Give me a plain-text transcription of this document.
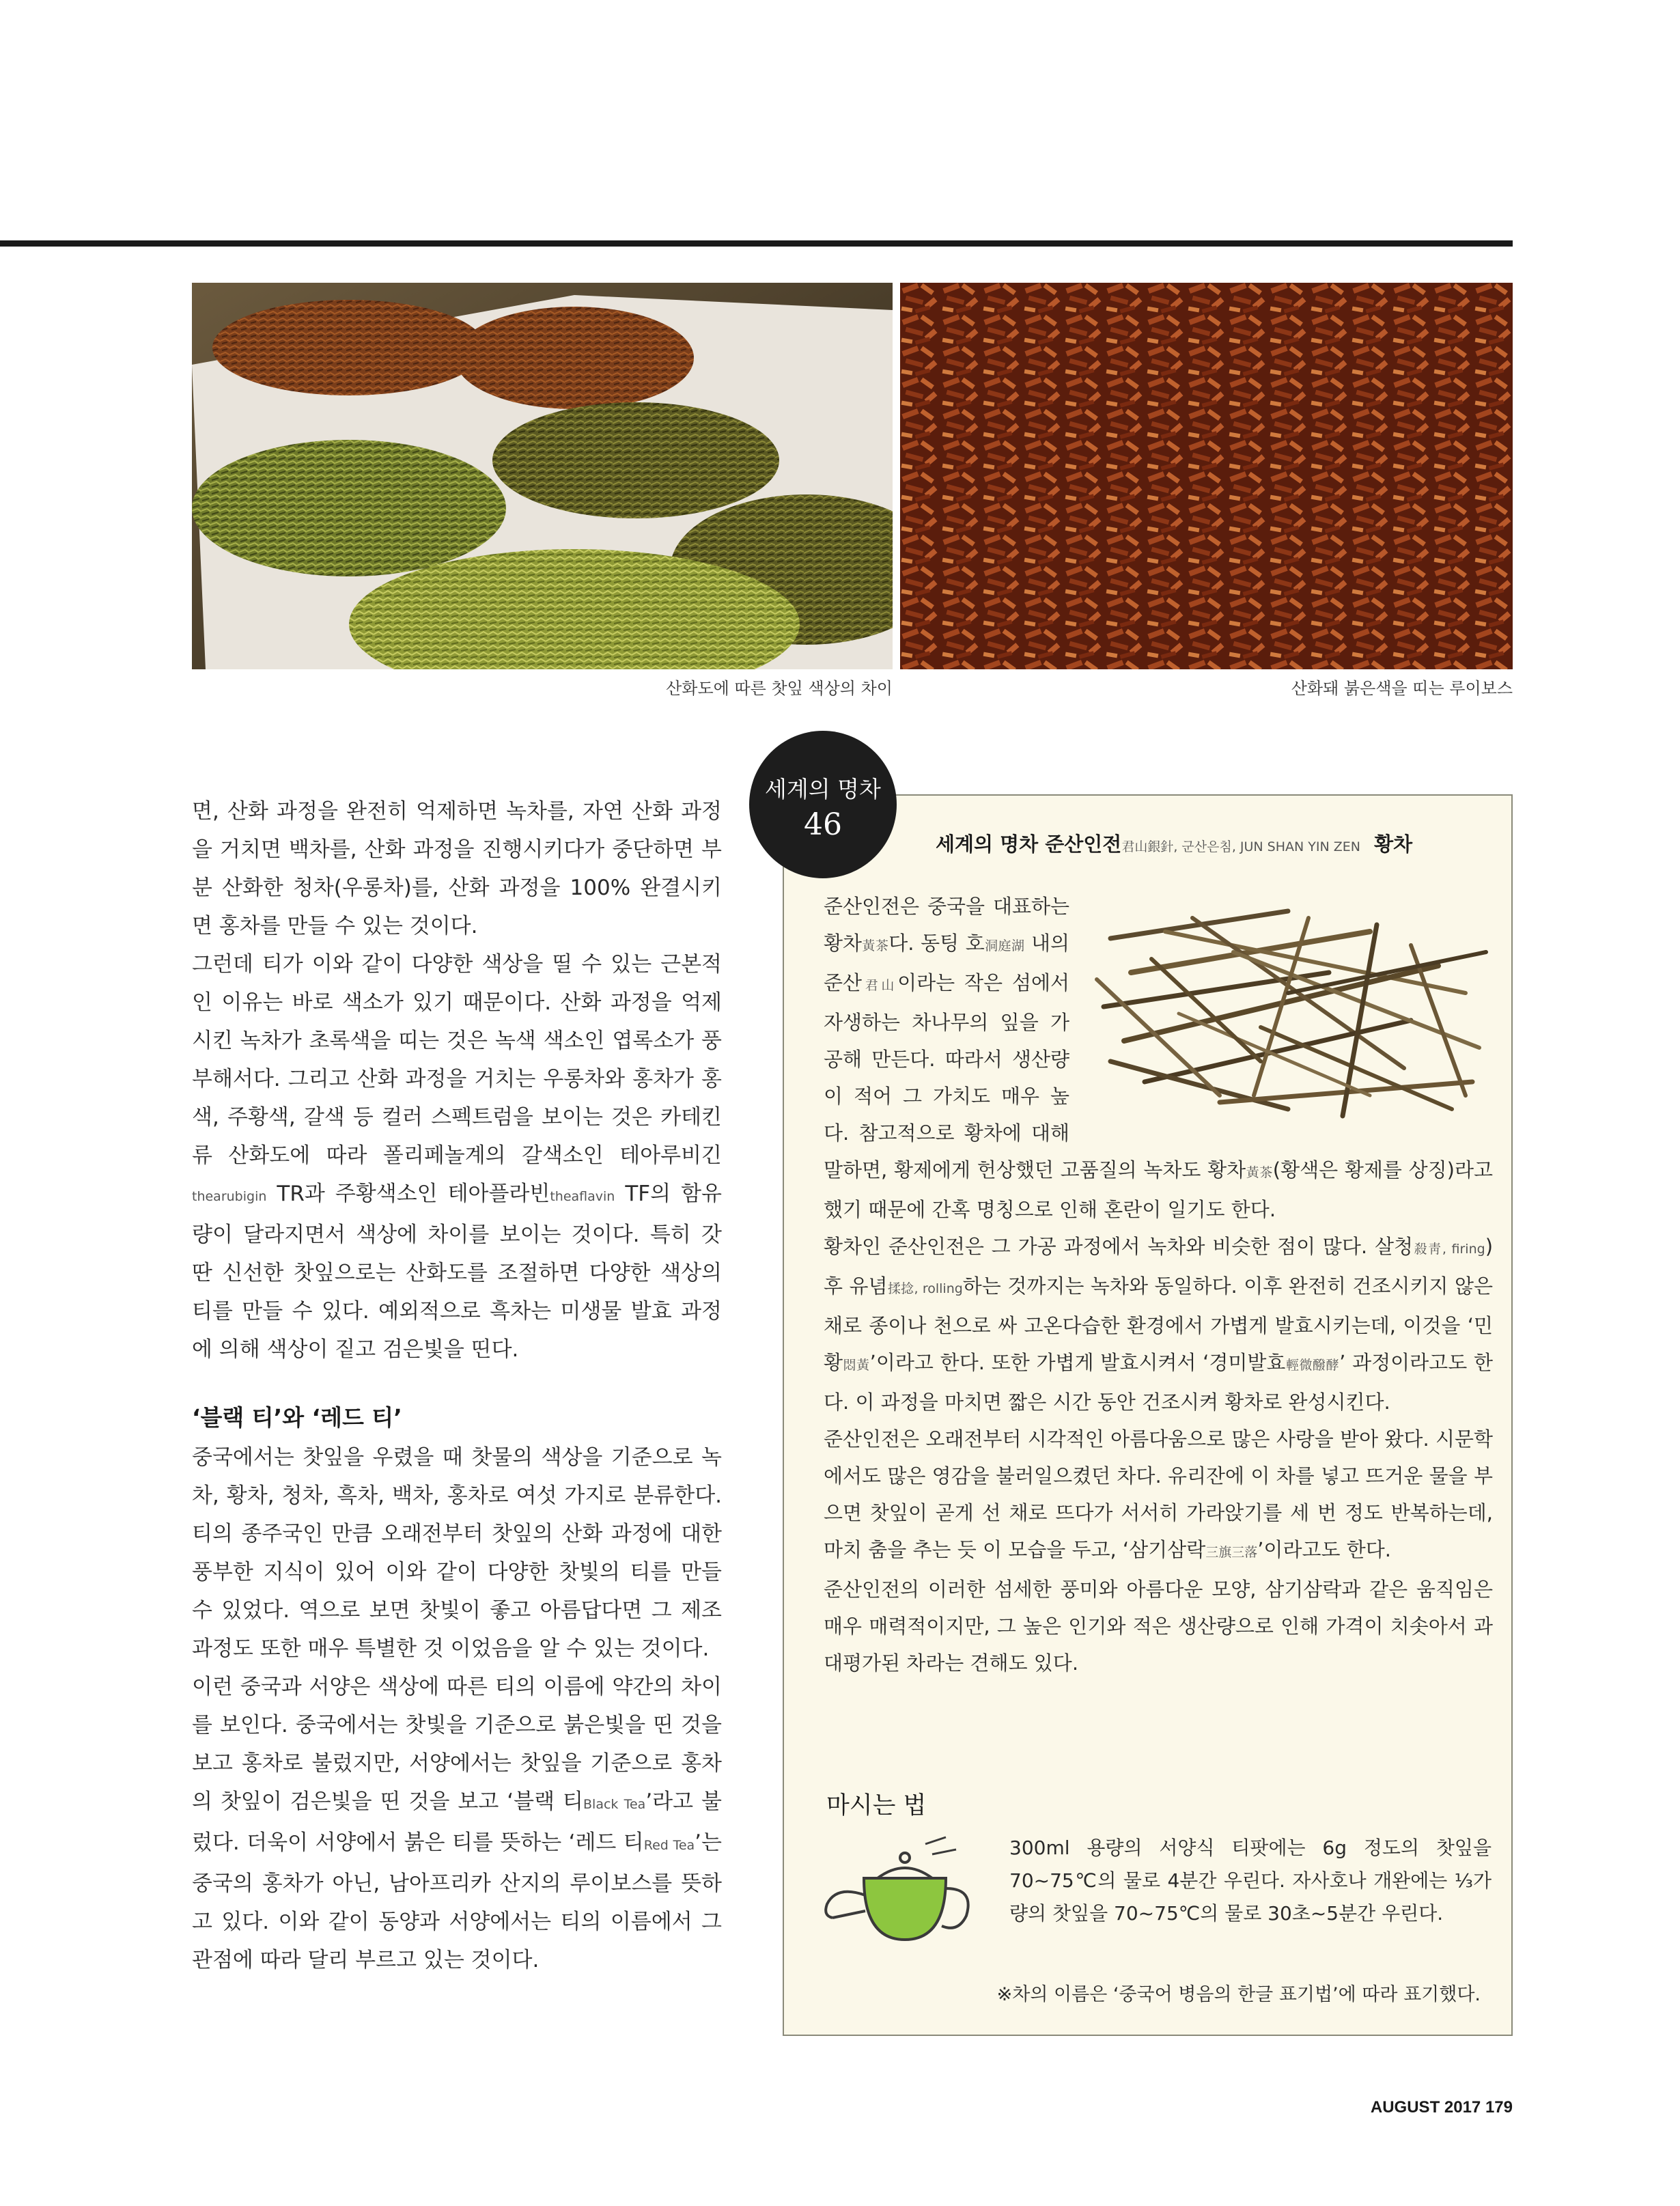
산화도에 따른 찻잎 색상의 차이	산화돼 붉은색을 띠는 루이보스

면, 산화 과정을 완전히 억제하면 녹차를, 자연 산화 과정을 거치면 백차를, 산화 과정을 진행시키다가 중단하면 부분 산화한 청차(우롱차)를, 산화 과정을 100% 완결시키면 홍차를 만들 수 있는 것이다.

그런데 티가 이와 같이 다양한 색상을 띨 수 있는 근본적인 이유는 바로 색소가 있기 때문이다. 산화 과정을 억제시킨 녹차가 초록색을 띠는 것은 녹색 색소인 엽록소가 풍부해서다. 그리고 산화 과정을 거치는 우롱차와 홍차가 홍색, 주황색, 갈색 등 컬러 스펙트럼을 보이는 것은 카테킨류 산화도에 따라 폴리페놀계의 갈색소인 테아루비긴thearubigin TR과 주황색소인 테아플라빈theaflavin TF의 함유량이 달라지면서 색상에 차이를 보이는 것이다. 특히 갓 딴 신선한 찻잎으로는 산화도를 조절하면 다양한 색상의 티를 만들 수 있다. 예외적으로 흑차는 미생물 발효 과정에 의해 색상이 짙고 검은빛을 띤다.

‘블랙 티’와 ‘레드 티’

중국에서는 찻잎을 우렸을 때 찻물의 색상을 기준으로 녹차, 황차, 청차, 흑차, 백차, 홍차로 여섯 가지로 분류한다. 티의 종주국인 만큼 오래전부터 찻잎의 산화 과정에 대한 풍부한 지식이 있어 이와 같이 다양한 찻빛의 티를 만들 수 있었다. 역으로 보면 찻빛이 좋고 아름답다면 그 제조 과정도 또한 매우 특별한 것 이었음을 알 수 있는 것이다.

이런 중국과 서양은 색상에 따른 티의 이름에 약간의 차이를 보인다. 중국에서는 찻빛을 기준으로 붉은빛을 띤 것을 보고 홍차로 불렀지만, 서양에서는 찻잎을 기준으로 홍차의 찻잎이 검은빛을 띤 것을 보고 ‘블랙 티Black Tea’라고 불렀다. 더욱이 서양에서 붉은 티를 뜻하는 ‘레드 티Red Tea’는 중국의 홍차가 아닌, 남아프리카 산지의 루이보스를 뜻하고 있다. 이와 같이 동양과 서양에서는 티의 이름에서 그 관점에 따라 달리 부르고 있는 것이다.

세계의 명차
46
세계의 명차 준산인전君山銀針, 군산은침, JUN SHAN YIN ZEN 황차

준산인전은 중국을 대표하는 황차黃茶다. 동팅 호洞庭湖 내의 준산君山이라는 작은 섬에서 자생하는 차나무의 잎을 가공해 만든다. 따라서 생산량이 적어 그 가치도 매우 높다. 참고적으로 황차에 대해 말하면, 황제에게 헌상했던 고품질의 녹차도 황차黃茶(황색은 황제를 상징)라고 했기 때문에 간혹 명칭으로 인해 혼란이 일기도 한다.

황차인 준산인전은 그 가공 과정에서 녹차와 비슷한 점이 많다. 살청殺靑, firing) 후 유념揉捻, rolling하는 것까지는 녹차와 동일하다. 이후 완전히 건조시키지 않은 채로 종이나 천으로 싸 고온다습한 환경에서 가볍게 발효시키는데, 이것을 ‘민황悶黃’이라고 한다. 또한 가볍게 발효시켜서 ‘경미발효輕微醱酵’ 과정이라고도 한다. 이 과정을 마치면 짧은 시간 동안 건조시켜 황차로 완성시킨다.

준산인전은 오래전부터 시각적인 아름다움으로 많은 사랑을 받아 왔다. 시문학에서도 많은 영감을 불러일으켰던 차다. 유리잔에 이 차를 넣고 뜨거운 물을 부으면 찻잎이 곧게 선 채로 뜨다가 서서히 가라앉기를 세 번 정도 반복하는데, 마치 춤을 추는 듯 이 모습을 두고, ‘삼기삼락三旗三落’이라고도 한다.

준산인전의 이러한 섬세한 풍미와 아름다운 모양, 삼기삼락과 같은 움직임은 매우 매력적이지만, 그 높은 인기와 적은 생산량으로 인해 가격이 치솟아서 과대평가된 차라는 견해도 있다.

마시는 법
300ml 용량의 서양식 티팟에는 6g 정도의 찻잎을 70~75℃의 물로 4분간 우린다. 자사호나 개완에는 ⅓가량의 찻잎을 70~75℃의 물로 30초~5분간 우린다.
※차의 이름은 ‘중국어 병음의 한글 표기법’에 따라 표기했다.
AUGUST 2017 179
